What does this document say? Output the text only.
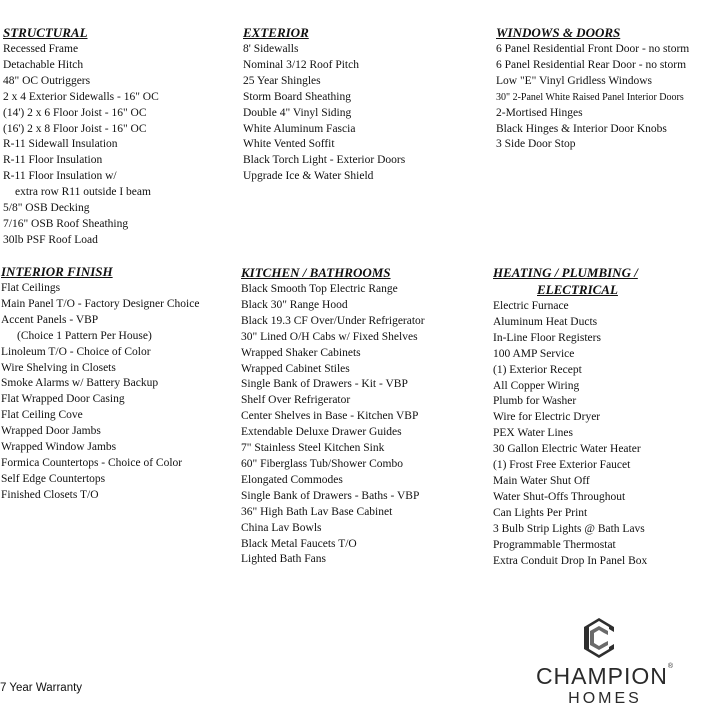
STRUCTURAL
Recessed Frame
Detachable Hitch
48" OC Outriggers
2 x 4 Exterior Sidewalls - 16" OC
(14') 2 x 6 Floor Joist - 16" OC
(16') 2 x 8 Floor Joist - 16" OC
R-11 Sidewall Insulation
R-11 Floor Insulation
R-11 Floor Insulation w/
extra row R11 outside I beam
5/8" OSB Decking
7/16" OSB Roof Sheathing
30lb PSF Roof Load
EXTERIOR
8' Sidewalls
Nominal 3/12 Roof Pitch
25 Year Shingles
Storm Board Sheathing
Double 4" Vinyl Siding
White Aluminum Fascia
White Vented Soffit
Black Torch Light - Exterior Doors
Upgrade Ice & Water Shield
WINDOWS & DOORS
6 Panel Residential Front Door - no storm
6 Panel Residential Rear Door - no storm
Low "E" Vinyl Gridless Windows
30" 2-Panel White Raised Panel Interior Doors
2-Mortised Hinges
Black Hinges & Interior Door Knobs
3 Side Door Stop
INTERIOR FINISH
Flat Ceilings
Main Panel T/O - Factory Designer Choice
Accent Panels - VBP
(Choice 1 Pattern Per House)
Linoleum T/O - Choice of Color
Wire Shelving in Closets
Smoke Alarms w/ Battery Backup
Flat Wrapped Door Casing
Flat Ceiling Cove
Wrapped Door Jambs
Wrapped Window Jambs
Formica Countertops - Choice of Color
Self Edge Countertops
Finished Closets T/O
KITCHEN / BATHROOMS
Black Smooth Top Electric Range
Black 30" Range Hood
Black 19.3 CF Over/Under Refrigerator
30" Lined O/H Cabs w/ Fixed Shelves
Wrapped Shaker Cabinets
Wrapped Cabinet Stiles
Single Bank of Drawers - Kit - VBP
Shelf Over Refrigerator
Center Shelves in Base - Kitchen VBP
Extendable Deluxe Drawer Guides
7" Stainless Steel Kitchen Sink
60" Fiberglass Tub/Shower Combo
Elongated Commodes
Single Bank of Drawers - Baths - VBP
36" High Bath Lav Base Cabinet
China Lav Bowls
Black Metal Faucets T/O
Lighted Bath Fans
HEATING / PLUMBING /
ELECTRICAL
Electric Furnace
Aluminum Heat Ducts
In-Line Floor Registers
100 AMP Service
(1) Exterior Recept
All Copper Wiring
Plumb for Washer
Wire for Electric Dryer
PEX Water Lines
30 Gallon Electric Water Heater
(1) Frost Free Exterior Faucet
Main Water Shut Off
Water Shut-Offs Throughout
Can Lights Per Print
3 Bulb Strip Lights @ Bath Lavs
Programmable Thermostat
Extra Conduit Drop In Panel Box
7 Year Warranty	CHAMPION®
HOMES
